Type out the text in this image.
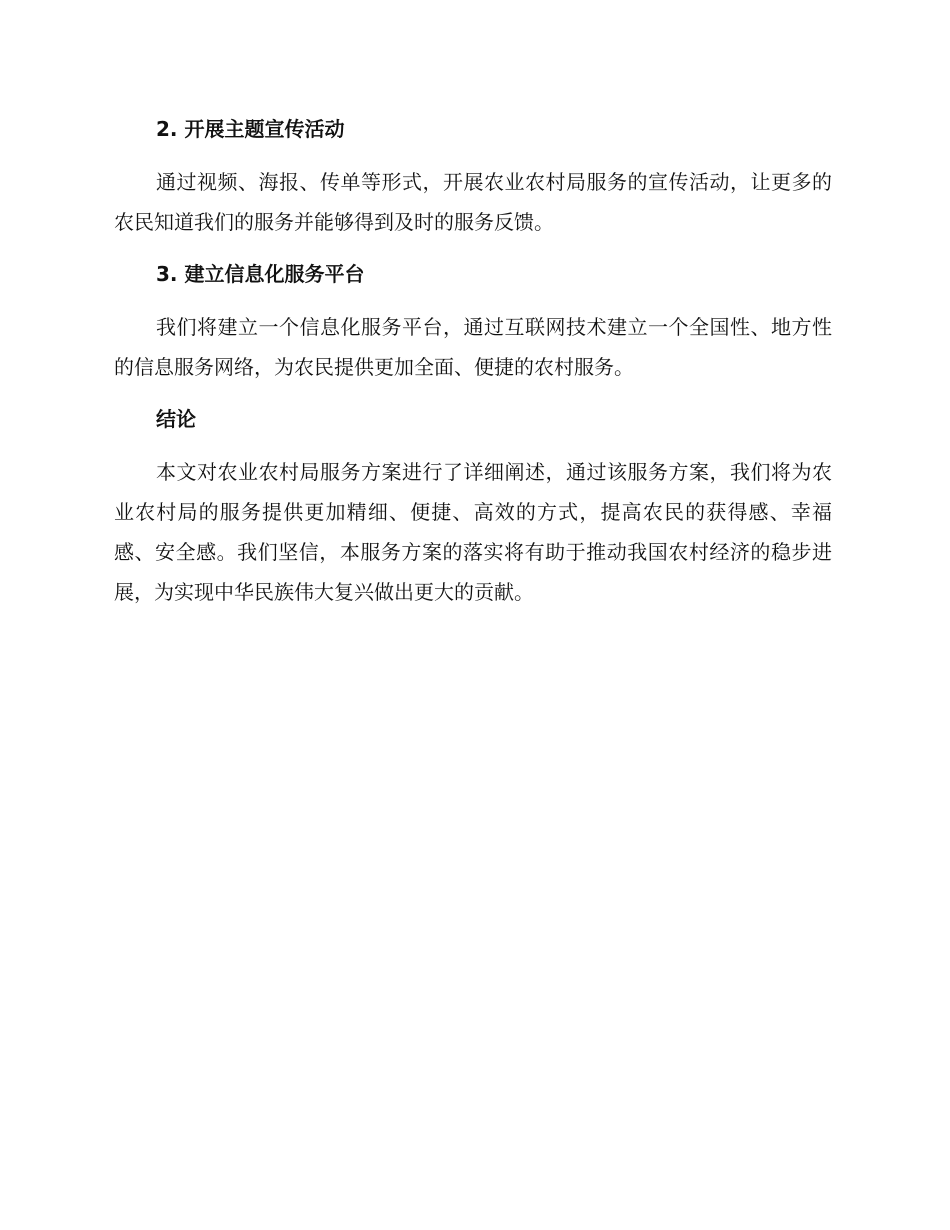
2. 开展主题宣传活动

通过视频、海报、传单等形式，开展农业农村局服务的宣传活动，让更多的农民知道我们的服务并能够得到及时的服务反馈。

3. 建立信息化服务平台

我们将建立一个信息化服务平台，通过互联网技术建立一个全国性、地方性的信息服务网络，为农民提供更加全面、便捷的农村服务。

结论

本文对农业农村局服务方案进行了详细阐述，通过该服务方案，我们将为农业农村局的服务提供更加精细、便捷、高效的方式，提高农民的获得感、幸福感、安全感。我们坚信，本服务方案的落实将有助于推动我国农村经济的稳步进展，为实现中华民族伟大复兴做出更大的贡献。
